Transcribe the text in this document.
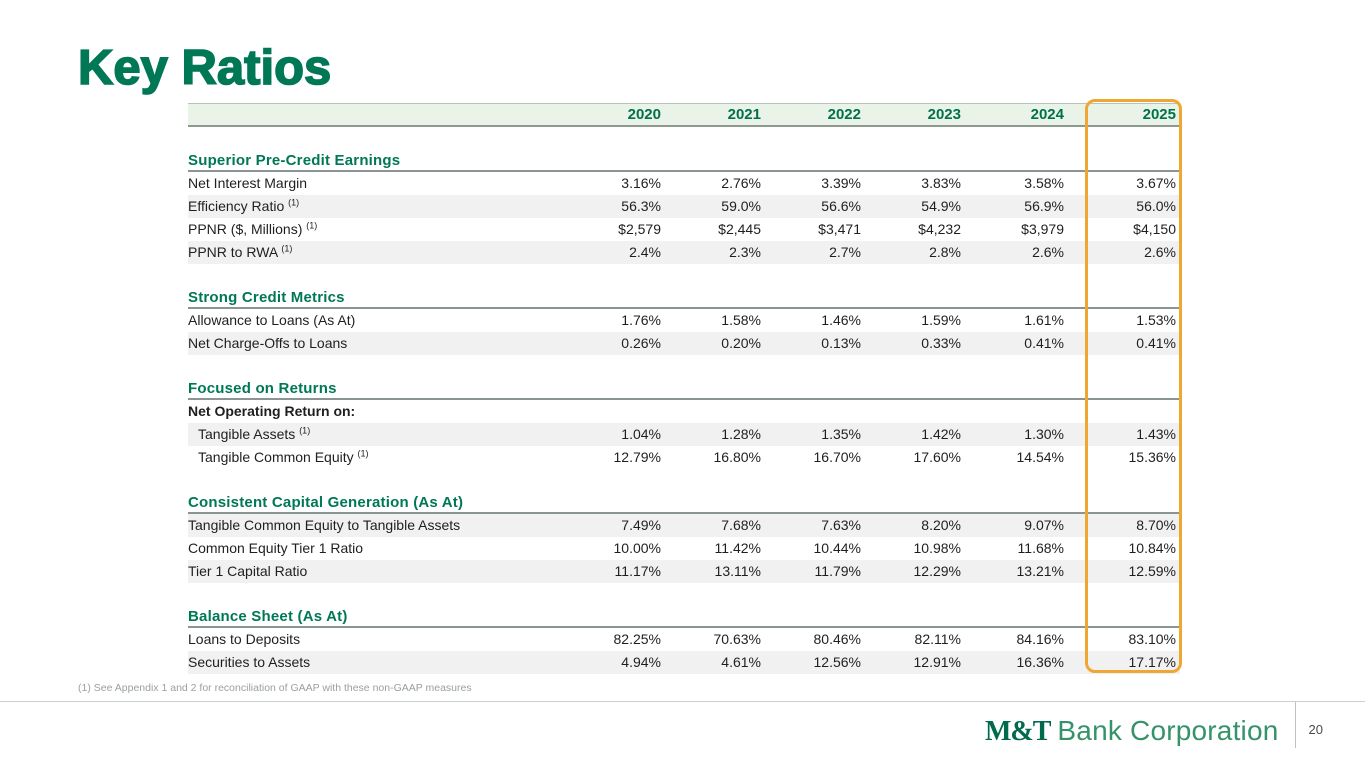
Key Ratios
2020	2021	2022	2023	2024	2025
Superior Pre-Credit Earnings
Net Interest Margin	3.16%	2.76%	3.39%	3.83%	3.58%	3.67%
Efficiency Ratio $^{(1)}$	56.3%	59.0%	56.6%	54.9%	56.9%	56.0%
PPNR ($, Millions) $^{(1)}$	$2,579	$2,445	$3,471	$4,232	$3,979	$4,150
PPNR to RWA $^{(1)}$	2.4%	2.3%	2.7%	2.8%	2.6%	2.6%
Strong Credit Metrics
Allowance to Loans (As At)	1.76%	1.58%	1.46%	1.59%	1.61%	1.53%
Net Charge-Offs to Loans	0.26%	0.20%	0.13%	0.33%	0.41%	0.41%
Focused on Returns
Net Operating Return on:
Tangible Assets $^{(1)}$	1.04%	1.28%	1.35%	1.42%	1.30%	1.43%
Tangible Common Equity $^{(1)}$	12.79%	16.80%	16.70%	17.60%	14.54%	15.36%
Consistent Capital Generation (As At)
Tangible Common Equity to Tangible Assets	7.49%	7.68%	7.63%	8.20%	9.07%	8.70%
Common Equity Tier 1 Ratio	10.00%	11.42%	10.44%	10.98%	11.68%	10.84%
Tier 1 Capital Ratio	11.17%	13.11%	11.79%	12.29%	13.21%	12.59%
Balance Sheet (As At)
Loans to Deposits	82.25%	70.63%	80.46%	82.11%	84.16%	83.10%
Securities to Assets	4.94%	4.61%	12.56%	12.91%	16.36%	17.17%
(1) See Appendix 1 and 2 for reconciliation of GAAP with these non-GAAP measures
M&T Bank Corporation 20
